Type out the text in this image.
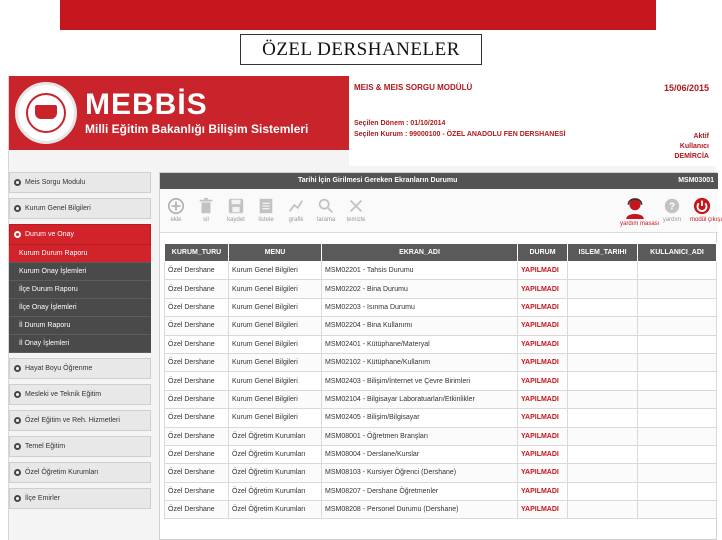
ÖZEL DERSHANELER
MEBBİS
Milli Eğitim Bakanlığı Bilişim Sistemleri
MEIS & MEIS SORGU MODÜLÜ	15/06/2015
Seçilen Dönem : 01/10/2014
Seçilen Kurum : 99000100 - ÖZEL ANADOLU FEN DERSHANESİ	Aktif
Kullanıcı
DEMİRCİA
Meis Sorgu Modulu
Kurum Genel Bilgileri
Durum ve Onay
Kurum Durum Raporu
Kurum Onay İşlemleri
İlçe Durum Raporu
İlçe Onay İşlemleri
İl Durum Raporu
İl Onay İşlemleri
Hayat Boyu Öğrenme
Mesleki ve Teknik Eğitim
Özel Eğitim ve Reh. Hizmetleri
Temel Eğitim
Özel Öğretim Kurumları
İlçe Emirler
Tarihi İçin Girilmesi Gereken Ekranların Durumu	MSM03001
ekle	sil	kaydet	listele	grafik	tarama	temizle
yardım masası
?
yardım	modül çıkışı
KURUM_TURU	MENU	EKRAN_ADI	DURUM	ISLEM_TARIHI	KULLANICI_ADI
Özel Dershane	Kurum Genel Bilgileri	MSM02201 - Tahsis Durumu	YAPILMADI		
Özel Dershane	Kurum Genel Bilgileri	MSM02202 - Bina Durumu	YAPILMADI		
Özel Dershane	Kurum Genel Bilgileri	MSM02203 - Isınma Durumu	YAPILMADI		
Özel Dershane	Kurum Genel Bilgileri	MSM02204 - Bina Kullanımı	YAPILMADI		
Özel Dershane	Kurum Genel Bilgileri	MSM02401 - Kütüphane/Materyal	YAPILMADI		
Özel Dershane	Kurum Genel Bilgileri	MSM02102 - Kütüphane/Kullanım	YAPILMADI		
Özel Dershane	Kurum Genel Bilgileri	MSM02403 - Bilişim/İnternet ve Çevre Birimleri	YAPILMADI		
Özel Dershane	Kurum Genel Bilgileri	MSM02104 - Bilgisayar Laboratuarları/Etkinlikler	YAPILMADI		
Özel Dershane	Kurum Genel Bilgileri	MSM02405 - Bilişim/Bilgisayar	YAPILMADI		
Özel Dershane	Özel Öğretim Kurumları	MSM08001 - Öğretmen Branşları	YAPILMADI		
Özel Dershane	Özel Öğretim Kurumları	MSM08004 - Derslane/Kurslar	YAPILMADI		
Özel Dershane	Özel Öğretim Kurumları	MSM08103 - Kursiyer Öğrenci (Dershane)	YAPILMADI		
Özel Dershane	Özel Öğretim Kurumları	MSM08207 - Dershane Öğretmenler	YAPILMADI		
Özel Dershane	Özel Öğretim Kurumları	MSM08208 - Personel Durumu (Dershane)	YAPILMADI		
